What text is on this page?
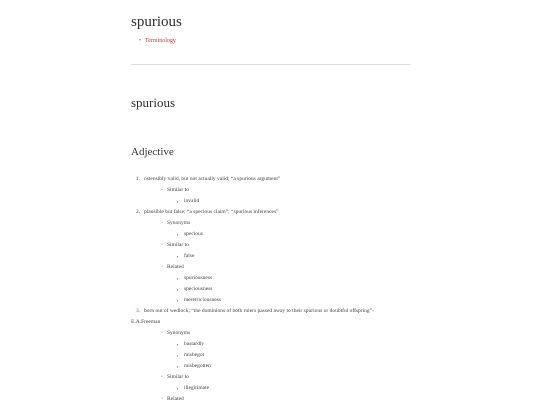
spurious
• Terminology
spurious
Adjective
1. ostensibly valid, but not actually valid; “a spurious argument”
◦ Similar to
▪ invalid
2. plausible but false; “a specious claim”; “spurious inferences”
◦ Synonyms
▪ specious
◦ Similar to
▪ false
◦ Related
▪ spuriousness
▪ speciousness
▪ meretriciousness
3. born out of wedlock; “the dominions of both rulers passed away to their spurious or doubtful offspring”-
E.A.Freeman
◦ Synonyms
▪ bastardly
▪ misbegot
▪ misbegotten
◦ Similar to
▪ illegitimate
◦ Related
